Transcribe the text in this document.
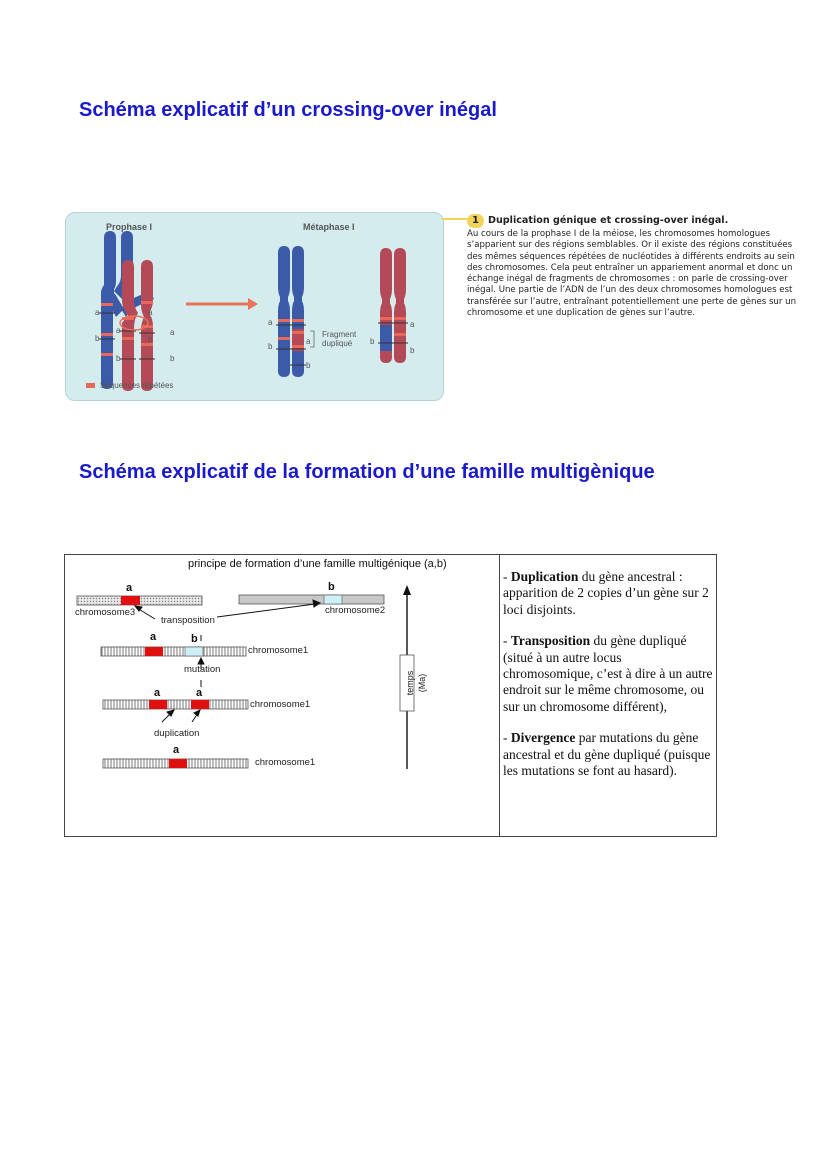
Schéma explicatif d’un crossing-over inégal
Prophase I	Métaphase I
a
b
a
b
a
a
b
b
a
b
a
b
Fragment
dupliqué	b
a
b
Séquences répétées
1 Duplication génique et crossing-over inégal.
Au cours de la prophase I de la méiose, les chromosomes homologues s’apparient sur des régions semblables. Or il existe des régions constituées des mêmes séquences répétées de nucléotides à différents endroits au sein des chromosomes. Cela peut entraîner un appariement anormal et donc un échange inégal de fragments de chromosomes : on parle de crossing-over inégal. Une partie de l’ADN de l’un des deux chromosomes homologues est transférée sur l’autre, entraînant potentiellement une perte de gènes sur un chromosome et une duplication de gènes sur l’autre.
Schéma explicatif de la formation d’une famille multigènique
principe de formation d’une famille multigénique (a,b)
a	b
a	b
a	a
a
chromosome3	chromosome2
transposition
chromosome1
mutation
chromosome1
duplication
chromosome1
temps (Ma)

- Duplication du gène ancestral : apparition de 2 copies d’un gène sur 2 loci disjoints.

- Transposition du gène dupliqué (situé à un autre locus chromosomique, c’est à dire à un autre endroit sur le même chromosome, ou sur un chromosome différent),

- Divergence par mutations du gène ancestral et du gène dupliqué (puisque les mutations se font au hasard).
